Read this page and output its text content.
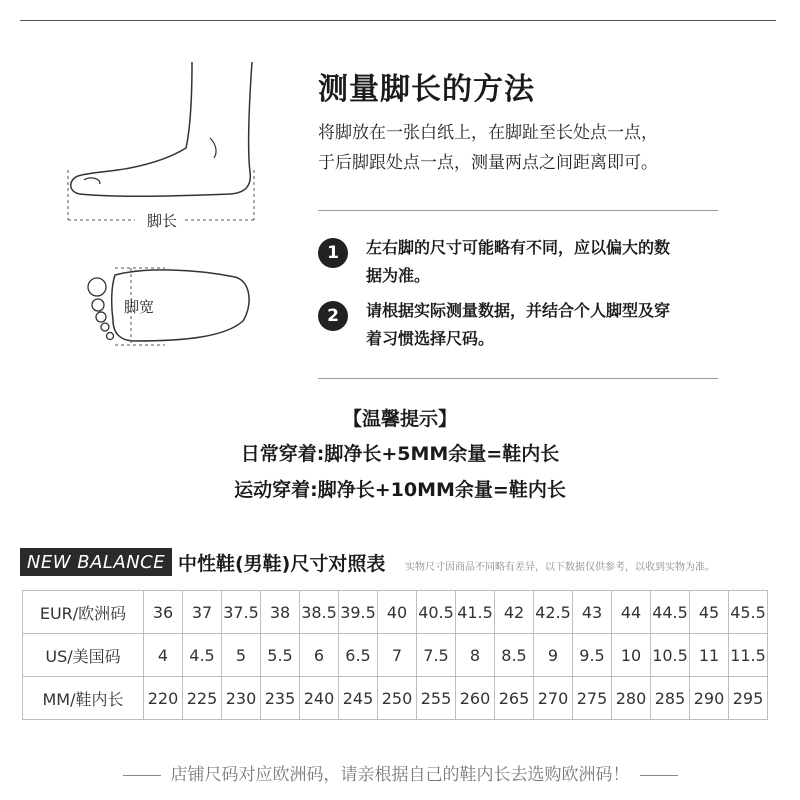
脚长
脚宽
测量脚长的方法
将脚放在一张白纸上，在脚趾至长处点一点，
于后脚跟处点一点，测量两点之间距离即可。
1	左右脚的尺寸可能略有不同，应以偏大的数
据为准。
2	请根据实际测量数据，并结合个人脚型及穿
着习惯选择尺码。
【温馨提示】
日常穿着:脚净长+5MM余量=鞋内长
运动穿着:脚净长+10MM余量=鞋内长
NEW BALANCE 中性鞋(男鞋)尺寸对照表 实物尺寸因商品不同略有差异，以下数据仅供参考，以收到实物为准。
EUR/欧洲码	36	37	37.5	38	38.5	39.5	40	40.5	41.5	42	42.5	43	44	44.5	45	45.5
US/美国码	4	4.5	5	5.5	6	6.5	7	7.5	8	8.5	9	9.5	10	10.5	11	11.5
MM/鞋内长	220	225	230	235	240	245	250	255	260	265	270	275	280	285	290	295
店铺尺码对应欧洲码，请亲根据自己的鞋内长去选购欧洲码！
